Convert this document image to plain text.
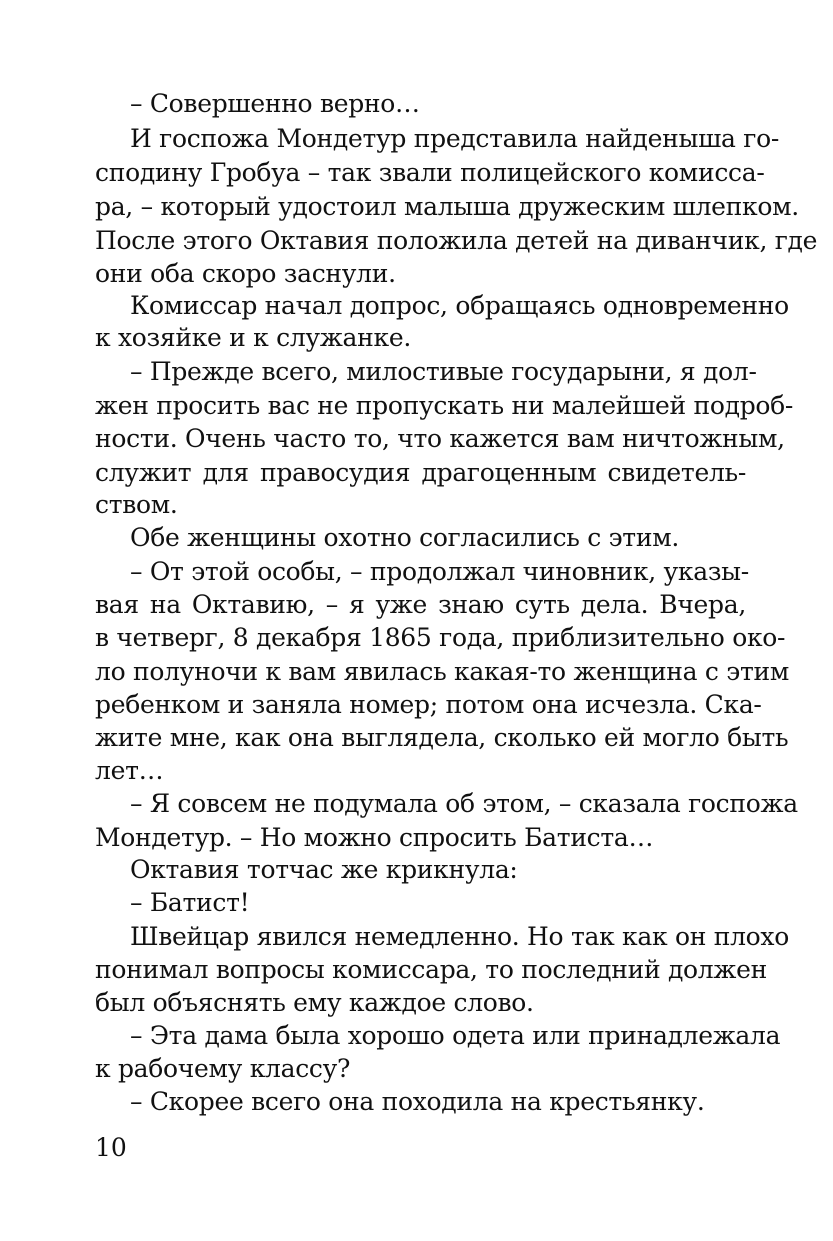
– Совершенно верно…
И госпожа Мондетур представила найденыша го-
сподину Гробуа – так звали полицейского комисса-
ра, – который удостоил малыша дружеским шлепком.
После этого Октавия положила детей на диванчик, где
они оба скоро заснули.
Комиссар начал допрос, обращаясь одновременно
к хозяйке и к служанке.
– Прежде всего, милостивые государыни, я дол-
жен просить вас не пропускать ни малейшей подроб-
ности. Очень часто то, что кажется вам ничтожным,
служит для правосудия драгоценным свидетель-
ством.
Обе женщины охотно согласились с этим.
– От этой особы, – продолжал чиновник, указы-
вая на Октавию, – я уже знаю суть дела. Вчера,
в четверг, 8 декабря 1865 года, приблизительно око-
ло полуночи к вам явилась какая-то женщина с этим
ребенком и заняла номер; потом она исчезла. Ска-
жите мне, как она выглядела, сколько ей могло быть
лет…
– Я совсем не подумала об этом, – сказала госпожа
Мондетур. – Но можно спросить Батиста…
Октавия тотчас же крикнула:
– Батист!
Швейцар явился немедленно. Но так как он плохо
понимал вопросы комиссара, то последний должен
был объяснять ему каждое слово.
– Эта дама была хорошо одета или принадлежала
к рабочему классу?
– Скорее всего она походила на крестьянку.
10
